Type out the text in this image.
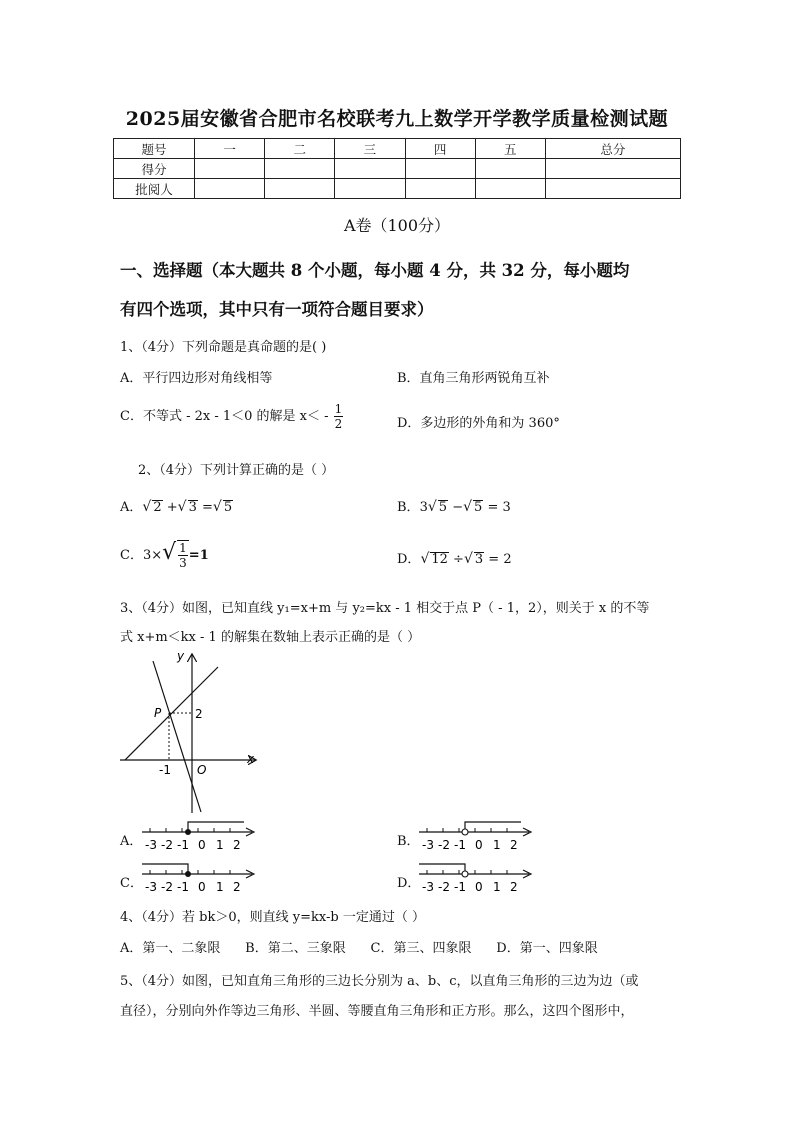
2025届安徽省合肥市名校联考九上数学开学教学质量检测试题
题号	一	二	三	四	五	总分
得分						
批阅人						
A卷（100分）
一、选择题（本大题共 8 个小题，每小题 4 分，共 32 分，每小题均
有四个选项，其中只有一项符合题目要求）
1、（4分）下列命题是真命题的是( )
A．平行四边形对角线相等	B．直角三角形两锐角互补
C．不等式 - 2x - 1＜0 的解是 $x< - \frac{1}{2}$	D．多边形的外角和为 360°
2、（4分）下列计算正确的是（ ）
A．√ 2 +√ 3 =√ 5	B．3√ 5 −√ 5 = 3
C．$3\times√ \frac{1}{3} =1$	D．√ 12 ÷√ 3 = 2
3、（4分）如图，已知直线 y₁=x+m 与 y₂=kx - 1 相交于点 P（ - 1，2），则关于 x 的不等
式 x+m＜kx - 1 的解集在数轴上表示正确的是（ ）
y
x
P	2
-1 O
A．	B．
C．	D．
-3 -2 -1 0 1 2	-3 -2 -1 0 1 2
-3 -2 -1 0 1 2	-3 -2 -1 0 1 2
4、（4分）若 bk＞0，则直线 y=kx-b 一定通过（ ）
A．第一、二象限      B．第二、三象限      C．第三、四象限      D．第一、四象限
5、（4分）如图，已知直角三角形的三边长分别为 a、b、c，以直角三角形的三边为边（或
直径），分别向外作等边三角形、半圆、等腰直角三角形和正方形。那么，这四个图形中，
